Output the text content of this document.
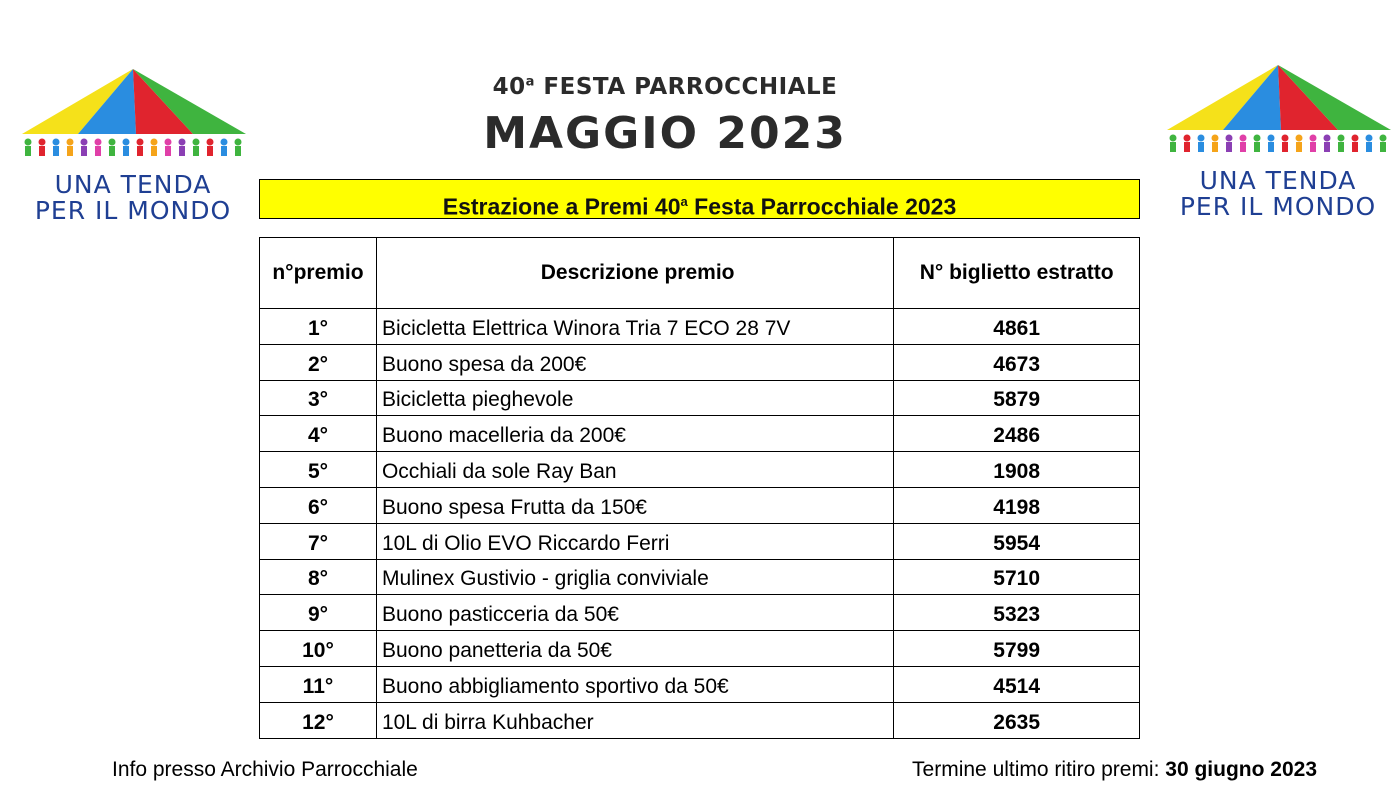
UNA TENDA
PER IL MONDO
UNA TENDA
PER IL MONDO
40$^a$ FESTA PARROCCHIALE
MAGGIO 2023
Estrazione a Premi 40$^a$ Festa Parrocchiale 2023
n°premio	Descrizione premio	N° biglietto estratto
1°	Bicicletta Elettrica Winora Tria 7 ECO 28 7V	4861
2°	Buono spesa da 200€	4673
3°	Bicicletta pieghevole	5879
4°	Buono macelleria da 200€	2486
5°	Occhiali da sole Ray Ban	1908
6°	Buono spesa Frutta da 150€	4198
7°	10L di Olio EVO Riccardo Ferri	5954
8°	Mulinex Gustivio - griglia conviviale	5710
9°	Buono pasticceria da 50€	5323
10°	Buono panetteria da 50€	5799
11°	Buono abbigliamento sportivo da 50€	4514
12°	10L di birra Kuhbacher	2635
Info presso Archivio Parrocchiale	Termine ultimo ritiro premi: 30 giugno 2023
